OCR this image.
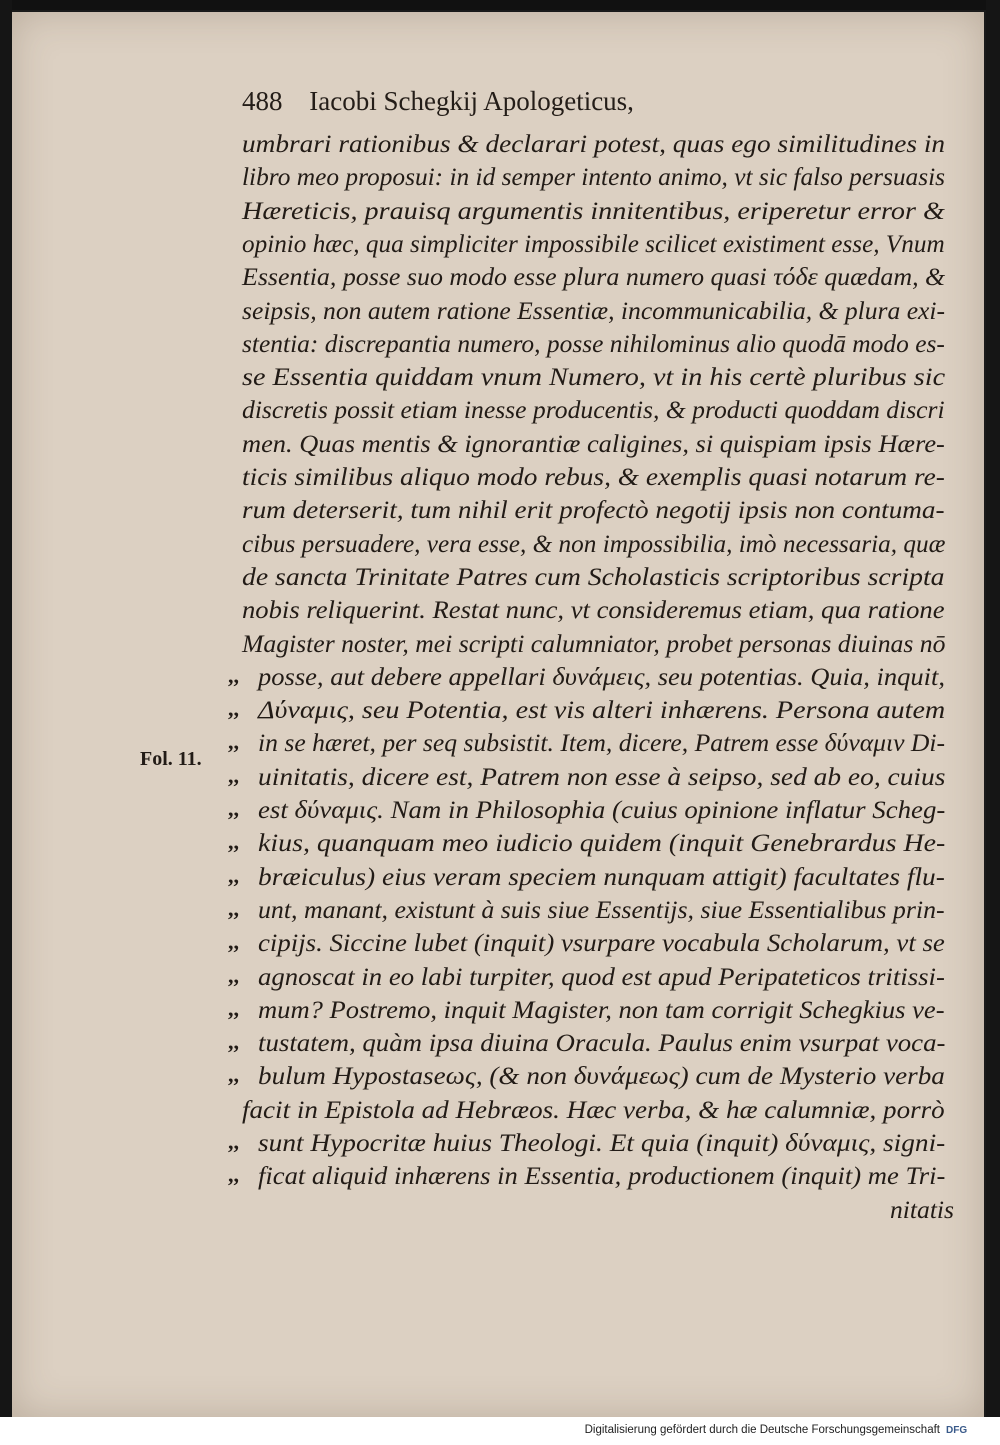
488 Iacobi Schegkij Apologeticus,
Fol. 11.
umbrari rationibus & declarari potest, quas ego similitudines in
libro meo proposui: in id semper intento animo, vt sic falso persuasis
Hæreticis, prauisq argumentis innitentibus, eriperetur error &
opinio hæc, qua simpliciter impossibile scilicet existiment esse, Vnum
Essentia, posse suo modo esse plura numero quasi τόδε quædam, &
seipsis, non autem ratione Essentiæ, incommunicabilia, & plura exi-
stentia: discrepantia numero, posse nihilominus alio quodā modo es-
se Essentia quiddam vnum Numero, vt in his certè pluribus sic
discretis possit etiam inesse producentis, & producti quoddam discri
men. Quas mentis & ignorantiæ caligines, si quispiam ipsis Hære-
ticis similibus aliquo modo rebus, & exemplis quasi notarum re-
rum deterserit, tum nihil erit profectò negotij ipsis non contuma-
cibus persuadere, vera esse, & non impossibilia, imò necessaria, quæ
de sancta Trinitate Patres cum Scholasticis scriptoribus scripta
nobis reliquerint. Restat nunc, vt consideremus etiam, qua ratione
Magister noster, mei scripti calumniator, probet personas diuinas nō
,, posse, aut debere appellari δυνάμεις, seu potentias. Quia, inquit,
,, Δύναμις, seu Potentia, est vis alteri inhærens. Persona autem
,, in se hæret, per seq subsistit. Item, dicere, Patrem esse δύναμιν Di-
,, uinitatis, dicere est, Patrem non esse à seipso, sed ab eo, cuius
,, est δύναμις. Nam in Philosophia (cuius opinione inflatur Scheg-
,, kius, quanquam meo iudicio quidem (inquit Genebrardus He-
,, bræiculus) eius veram speciem nunquam attigit) facultates flu-
,, unt, manant, existunt à suis siue Essentijs, siue Essentialibus prin-
,, cipijs. Siccine lubet (inquit) vsurpare vocabula Scholarum, vt se
,, agnoscat in eo labi turpiter, quod est apud Peripateticos tritissi-
,, mum? Postremo, inquit Magister, non tam corrigit Schegkius ve-
,, tustatem, quàm ipsa diuina Oracula. Paulus enim vsurpat voca-
,, bulum Hypostaseως, (& non δυνάμεως) cum de Mysterio verba
facit in Epistola ad Hebræos. Hæc verba, & hæ calumniæ, porrò
,, sunt Hypocritæ huius Theologi. Et quia (inquit) δύναμις, signi-
,, ficat aliquid inhærens in Essentia, productionem (inquit) me Tri-
nitatis
Digitalisierung gefördert durch die Deutsche Forschungsgemeinschaft DFG
